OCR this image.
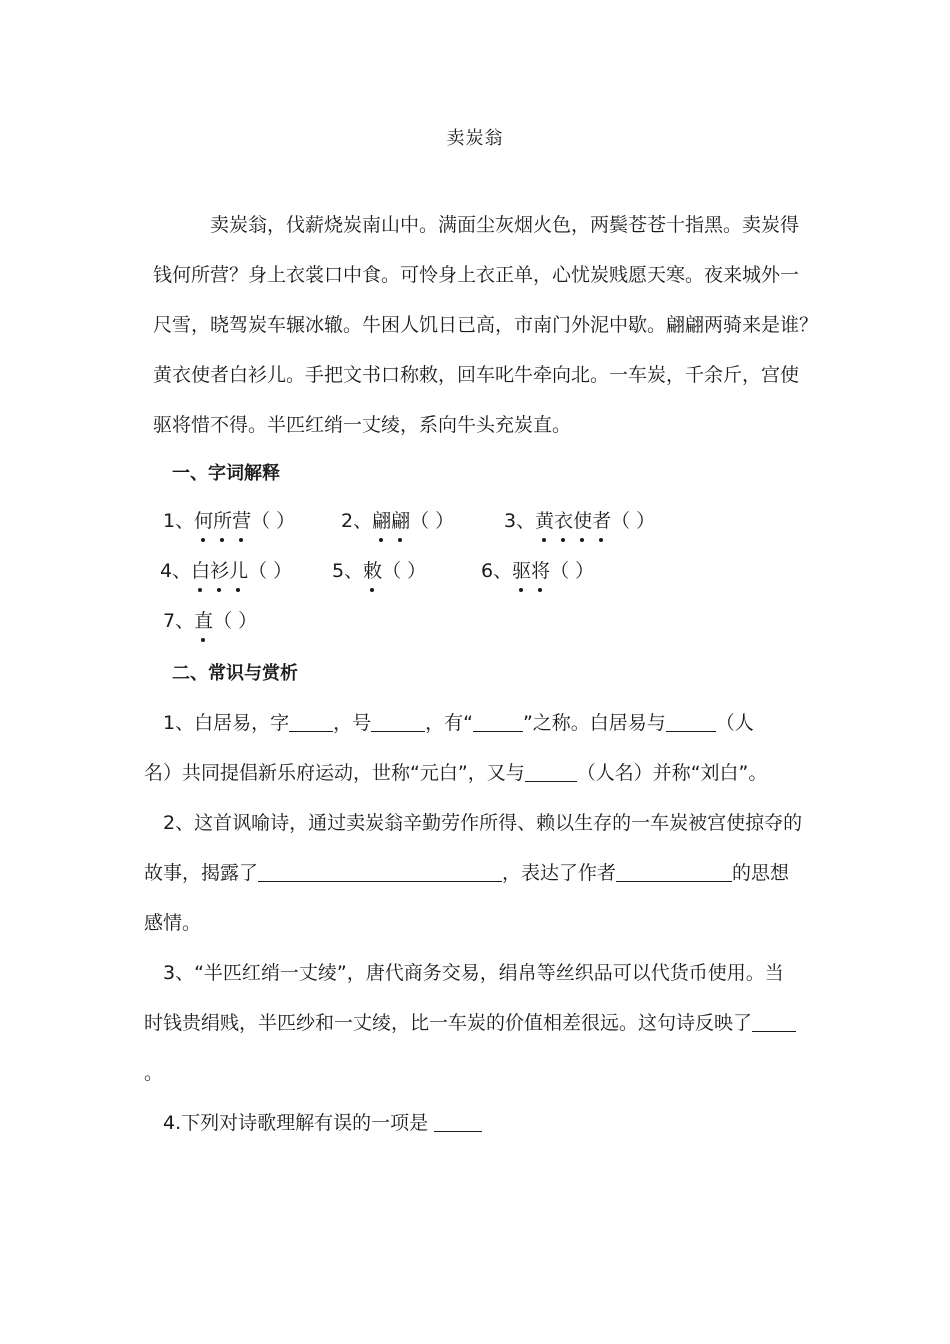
卖炭翁
卖炭翁，伐薪烧炭南山中。满面尘灰烟火色，两鬓苍苍十指黑。卖炭得
钱何所营？身上衣裳口中食。可怜身上衣正单，心忧炭贱愿天寒。夜来城外一
尺雪，晓驾炭车辗冰辙。牛困人饥日已高，市南门外泥中歇。翩翩两骑来是谁？
黄衣使者白衫儿。手把文书口称敕，回车叱牛牵向北。一车炭，千余斤，宫使
驱将惜不得。半匹红绡一丈绫，系向牛头充炭直。
一、字词解释
1、何所营
（ ） 2、翩翩
（ ）	3、黄衣使者
（ ）
4、白衫儿
（ ） 5、敕
（ ）	6、驱将
（ ）
7、直
（ ）
二、常识与赏析
1、白居易，字 ，号	，有“	”之称。白居易与	（人
名）共同提倡新乐府运动，世称“元白”，又与	（人名）并称“刘白”。
2、这首讽喻诗，通过卖炭翁辛勤劳作所得、赖以生存的一车炭被宫使掠夺的
故事，揭露了	，表达了作者	的思想
感情。
3、“半匹红绡一丈绫”，唐代商务交易，绢帛等丝织品可以代货币使用。当
时钱贵绢贱，半匹纱和一丈绫，比一车炭的价值相差很远。这句诗反映了
。
4.下列对诗歌理解有误的一项是
